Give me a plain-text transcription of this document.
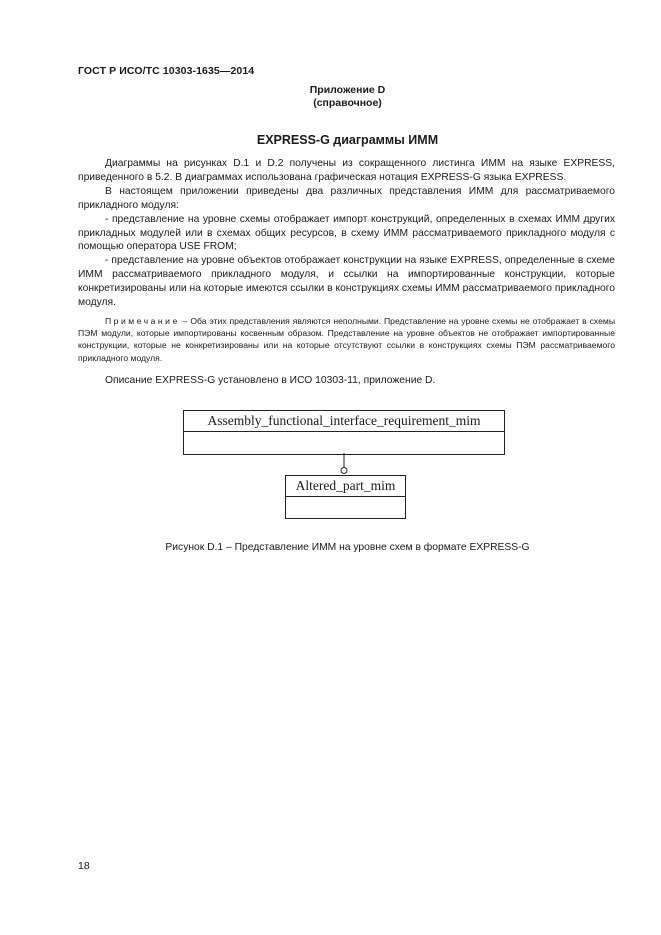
ГОСТ Р ИСО/ТС 10303-1635—2014
Приложение D
(справочное)
EXPRESS-G диаграммы ИММ

Диаграммы на рисунках D.1 и D.2 получены из сокращенного листинга ИММ на языке EXPRESS, приведенного в 5.2. В диаграммах использована графическая нотация EXPRESS-G языка EXPRESS.

В настоящем приложении приведены два различных представления ИММ для рассматриваемого прикладного модуля:

- представление на уровне схемы отображает импорт конструкций, определенных в схемах ИММ других прикладных модулей или в схемах общих ресурсов, в схему ИММ рассматриваемого прикладного модуля с помощью оператора USE FROM;

- представление на уровне объектов отображает конструкции на языке EXPRESS, определенные в схеме ИММ рассматриваемого прикладного модуля, и ссылки на импортированные конструкции, которые конкретизированы или на которые имеются ссылки в конструкциях схемы ИММ рассматриваемого прикладного модуля.

Примечание – Оба этих представления являются неполными. Представление на уровне схемы не отображает в схемы ПЭМ модули, которые импортированы косвенным образом. Представление на уровне объектов не отображает импортированные конструкции, которые не конкретизированы или на которые отсутствуют ссылки в конструкциях схемы ПЭМ рассматриваемого прикладного модуля.
Описание EXPRESS-G установлено в ИСО 10303-11, приложение D.
Assembly_functional_interface_requirement_mim
Altered_part_mim
Рисунок D.1 – Представление ИММ на уровне схем в формате EXPRESS-G
18
